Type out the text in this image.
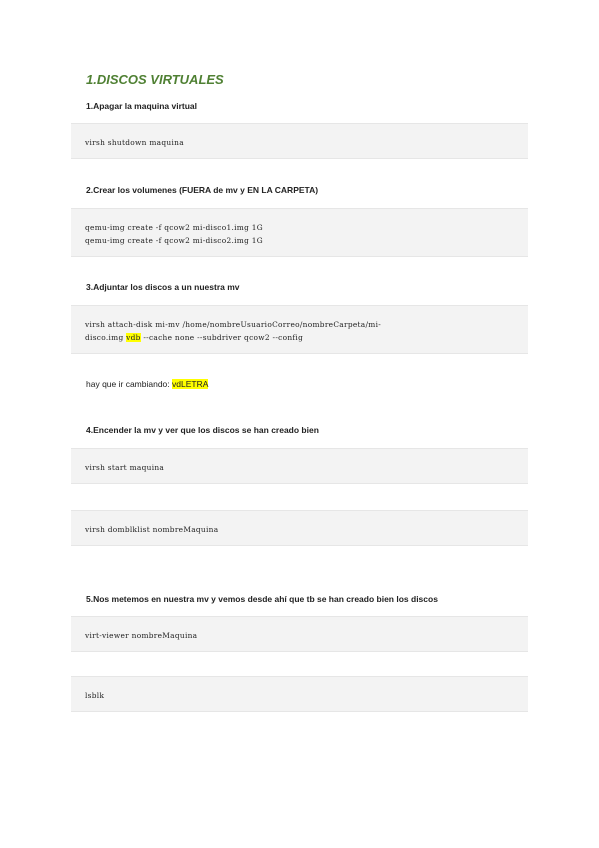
1.DISCOS VIRTUALES
1.Apagar la maquina virtual
virsh shutdown maquina
2.Crear los volumenes (FUERA de mv y EN LA CARPETA)
qemu-img create -f qcow2 mi-disco1.img 1G
qemu-img create -f qcow2 mi-disco2.img 1G
3.Adjuntar los discos a un nuestra mv
virsh attach-disk mi-mv /home/nombreUsuarioCorreo/nombreCarpeta/mi-
disco.img vdb --cache none --subdriver qcow2 --config
hay que ir cambiando: vdLETRA
4.Encender la mv y ver que los discos se han creado bien
virsh start maquina
virsh domblklist nombreMaquina
5.Nos metemos en nuestra mv y vemos desde ahí que tb se han creado bien los discos
virt-viewer nombreMaquina
lsblk
